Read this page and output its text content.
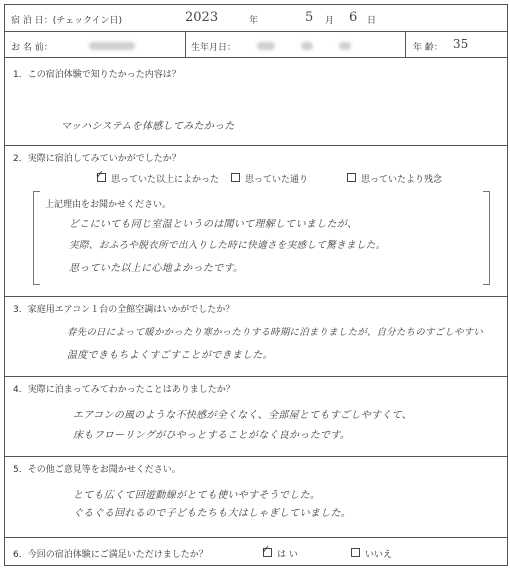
宿 泊 日：(チェックイン日)	2023	年	5 月 6 日
お 名 前：	生年月日：	年 齢： 35
1．この宿泊体験で知りたかった内容は？
マッハシステムを体感してみたかった
2．実際に宿泊してみていかがでしたか？
✓ 思っていた以上によかった	思っていた通り	思っていたより残念
上記理由をお聞かせください。
どこにいても同じ室温というのは聞いて理解していましたが、
実際、おふろや脱衣所で出入りした時に快適さを実感して驚きました。
思っていた以上に心地よかったです。
3．家庭用エアコン１台の全館空調はいかがでしたか？
春先の日によって暖かかったり寒かったりする時期に泊まりましたが、自分たちのすごしやすい
温度できもちよくすごすことができました。
4．実際に泊まってみてわかったことはありましたか？
エアコンの風のような不快感が全くなく、全部屋とてもすごしやすくて、
床もフローリングがひやっとすることがなく良かったです。
5．その他ご意見等をお聞かせください。
とても広くて回遊動線がとても使いやすそうでした。
ぐるぐる回れるので子どもたちも大はしゃぎしていました。
6．今回の宿泊体験にご満足いただけましたか？	✓ は い	いいえ
